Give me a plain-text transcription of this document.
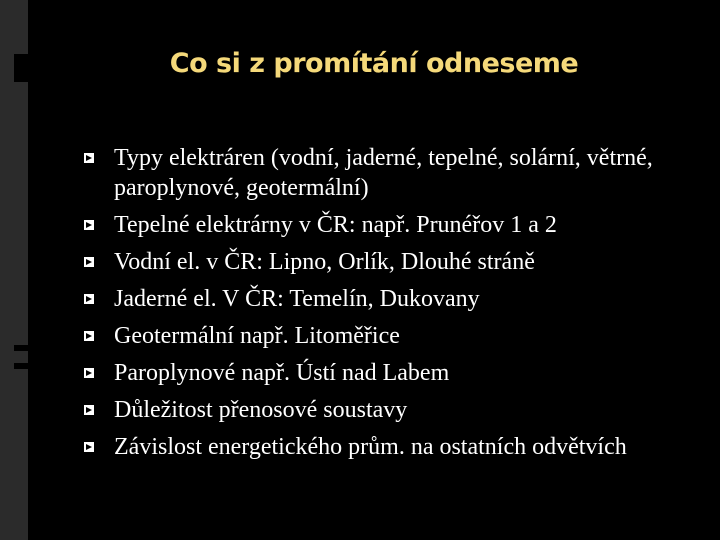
Co si z promítání odneseme
Typy elektráren (vodní, jaderné, tepelné, solární, větrné, paroplynové, geotermální)
Tepelné elektrárny v ČR: např. Prunéřov 1 a 2
Vodní el. v ČR: Lipno, Orlík, Dlouhé stráně
Jaderné el. V ČR: Temelín, Dukovany
Geotermální např. Litoměřice
Paroplynové např. Ústí nad Labem
Důležitost přenosové soustavy
Závislost energetického prům. na ostatních odvětvích
